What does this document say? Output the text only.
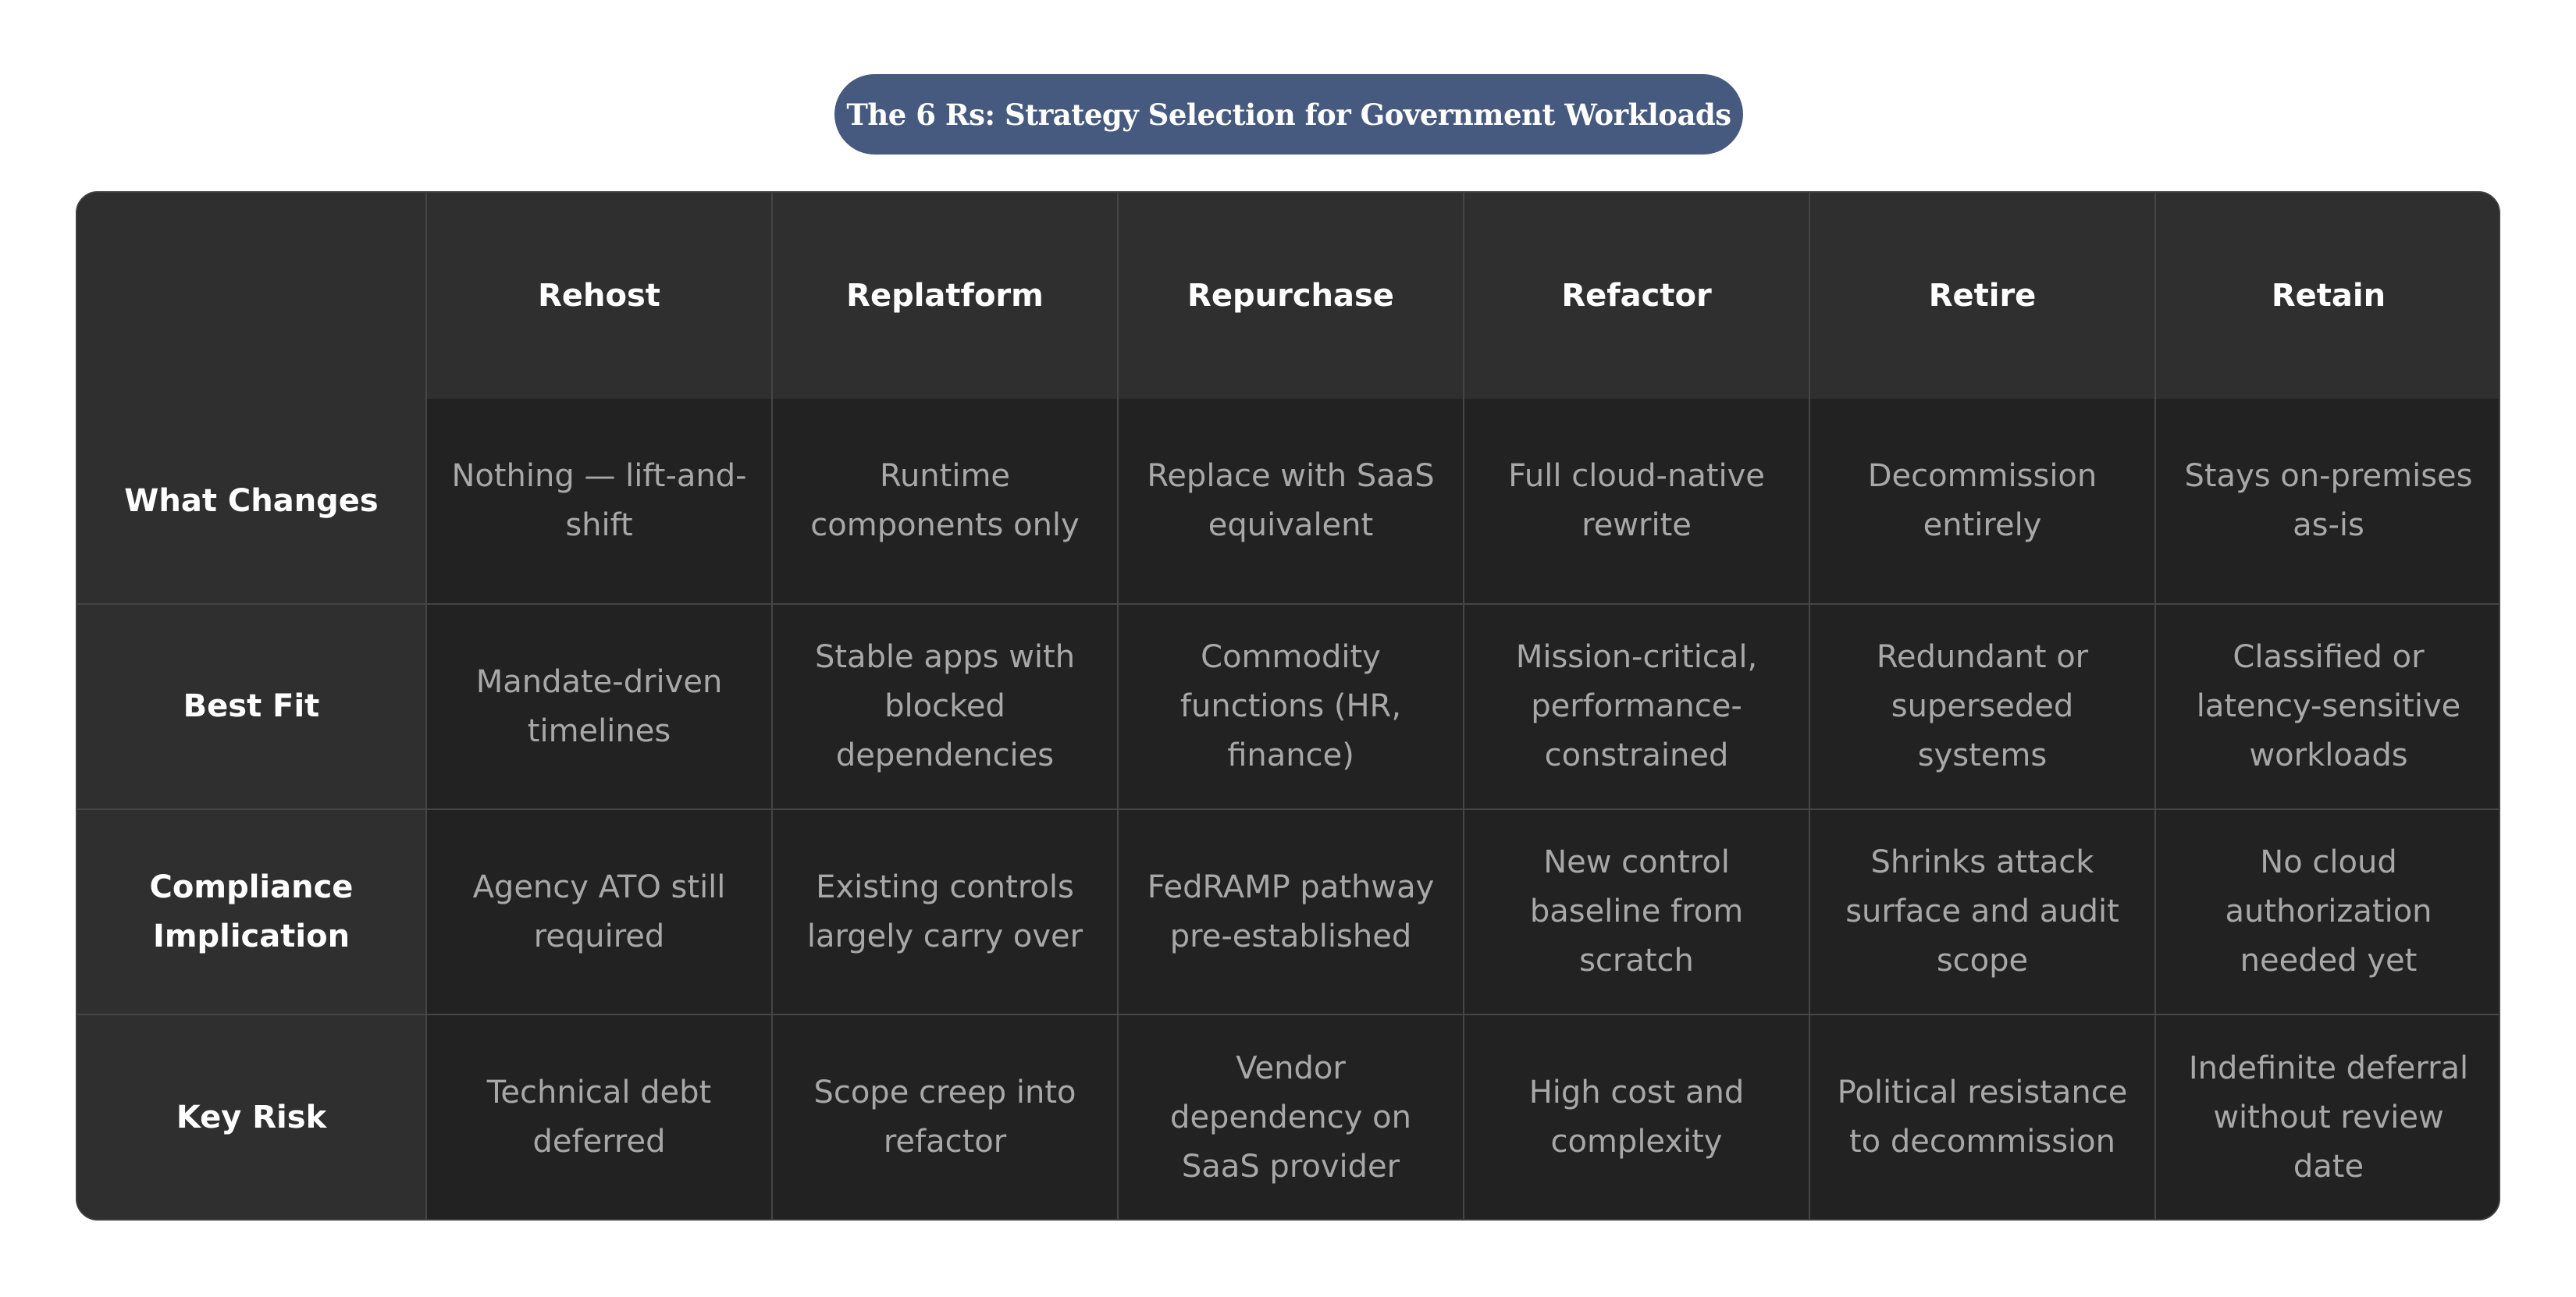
The 6 Rs: Strategy Selection for Government Workloads
	Rehost	Replatform	Repurchase	Refactor	Retire	Retain
What Changes	Nothing — lift-and-shift	Runtime components only	Replace with SaaS equivalent	Full cloud-native rewrite	Decommission entirely	Stays on-premises as-is
Best Fit	Mandate-driven timelines	Stable apps with blocked dependencies	Commodity functions (HR, finance)	Mission-critical, performance-constrained	Redundant or superseded systems	Classified or latency-sensitive workloads
Compliance Implication	Agency ATO still required	Existing controls largely carry over	FedRAMP pathway pre-established	New control baseline from scratch	Shrinks attack surface and audit scope	No cloud authorization needed yet
Key Risk	Technical debt deferred	Scope creep into refactor	Vendor dependency on SaaS provider	High cost and complexity	Political resistance to decommission	Indefinite deferral without review date
